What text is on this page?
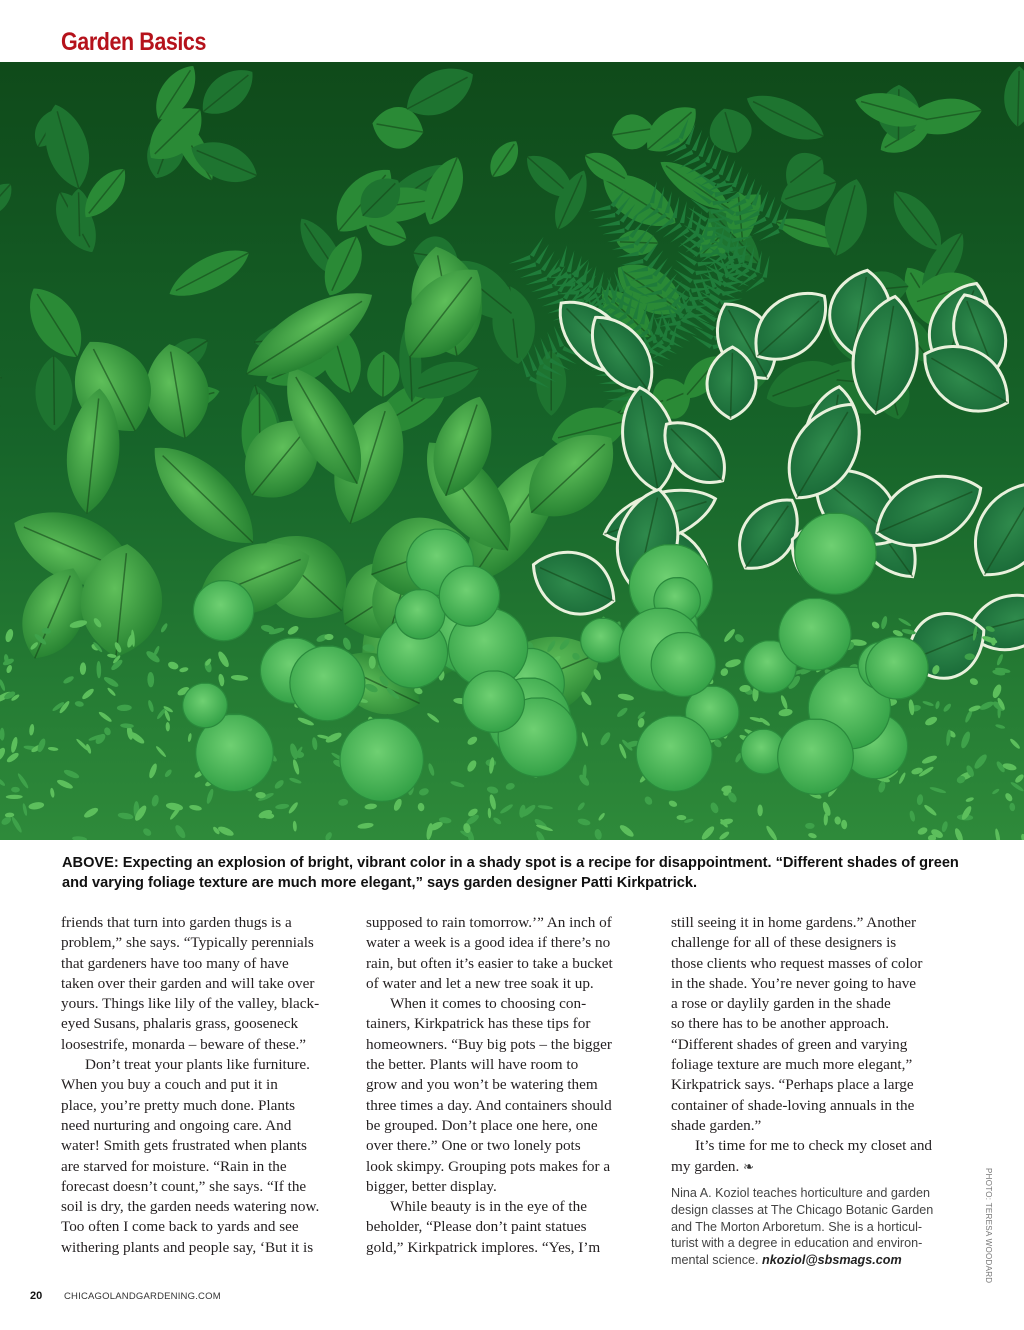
Garden Basics
ABOVE: Expecting an explosion of bright, vibrant color in a shady spot is a recipe for disappointment. “Different shades of green and varying foliage texture are much more elegant,” says garden designer Patti Kirkpatrick.

friends that turn into garden thugs is a

problem,” she says. “Typically perennials

that gardeners have too many of have

taken over their garden and will take over

yours. Things like lily of the valley, black-

eyed Susans, phalaris grass, gooseneck

loosestrife, monarda – beware of these.”

Don’t treat your plants like furniture.

When you buy a couch and put it in

place, you’re pretty much done. Plants

need nurturing and ongoing care. And

water! Smith gets frustrated when plants

are starved for moisture. “Rain in the

forecast doesn’t count,” she says. “If the

soil is dry, the garden needs watering now.

Too often I come back to yards and see

withering plants and people say, ‘But it is

supposed to rain tomorrow.’” An inch of

water a week is a good idea if there’s no

rain, but often it’s easier to take a bucket

of water and let a new tree soak it up.

When it comes to choosing con-

tainers, Kirkpatrick has these tips for

homeowners. “Buy big pots – the bigger

the better. Plants will have room to

grow and you won’t be watering them

three times a day. And containers should

be grouped. Don’t place one here, one

over there.” One or two lonely pots

look skimpy. Grouping pots makes for a

bigger, better display.

While beauty is in the eye of the

beholder, “Please don’t paint statues

gold,” Kirkpatrick implores. “Yes, I’m

still seeing it in home gardens.” Another

challenge for all of these designers is

those clients who request masses of color

in the shade. You’re never going to have

a rose or daylily garden in the shade

so there has to be another approach.

“Different shades of green and varying

foliage texture are much more elegant,”

Kirkpatrick says. “Perhaps place a large

container of shade-loving annuals in the

shade garden.”

It’s time for me to check my closet and

my garden. ❧

Nina A. Koziol teaches horticulture and garden

design classes at The Chicago Botanic Garden

and The Morton Arboretum. She is a horticul-

turist with a degree in education and environ-

mental science. nkoziol@sbsmags.com	PHOTO: TERESA WOODARD
20 CHICAGOLANDGARDENING.COM
